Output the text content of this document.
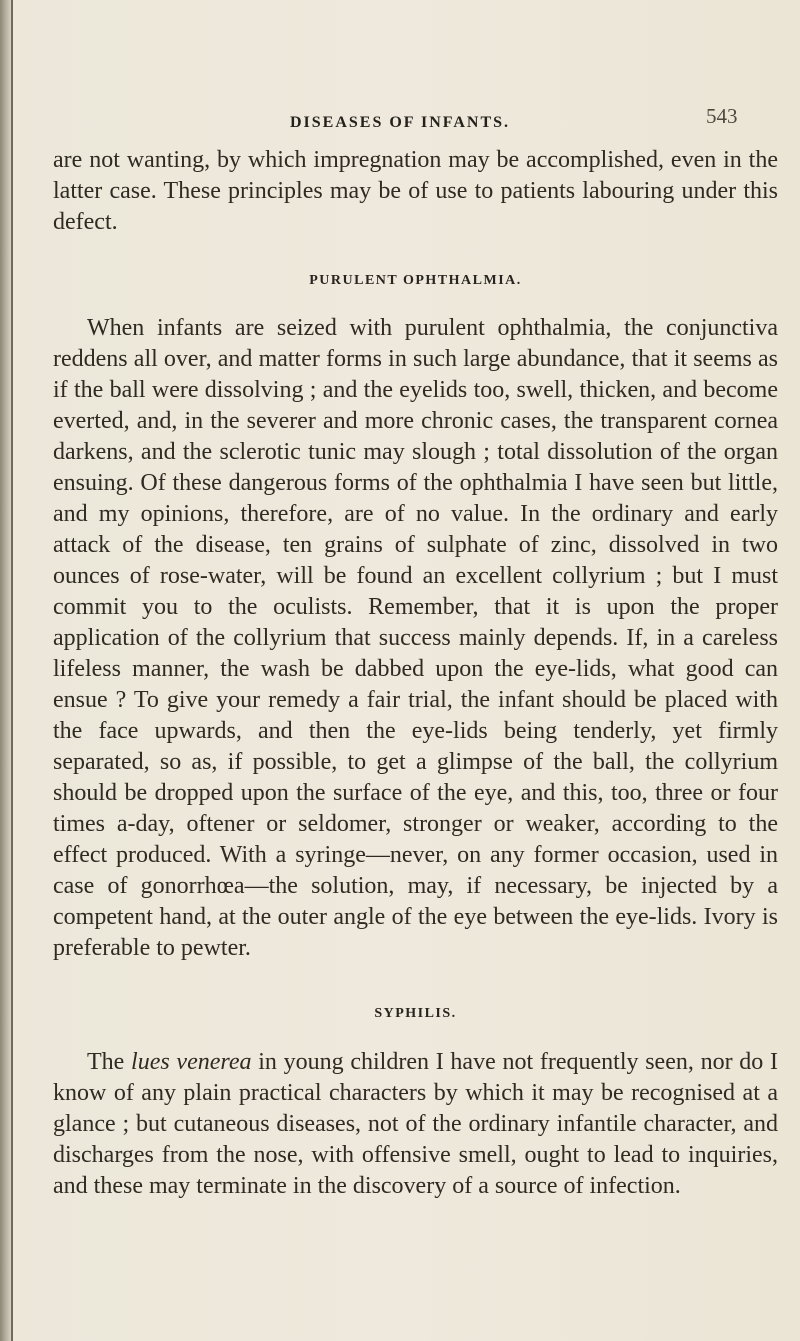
DISEASES OF INFANTS.	543

are not wanting, by which impregnation may be accomplished, even in the latter case. These principles may be of use to patients labouring under this defect.

PURULENT OPHTHALMIA.

When infants are seized with purulent ophthalmia, the conjunctiva reddens all over, and matter forms in such large abundance, that it seems as if the ball were dissolving ; and the eyelids too, swell, thicken, and become everted, and, in the severer and more chronic cases, the transparent cornea darkens, and the sclerotic tunic may slough ; total dissolution of the organ ensuing. Of these dangerous forms of the ophthalmia I have seen but little, and my opinions, therefore, are of no value. In the ordinary and early attack of the disease, ten grains of sulphate of zinc, dissolved in two ounces of rose-water, will be found an excellent collyrium ; but I must commit you to the oculists. Remember, that it is upon the proper application of the collyrium that success mainly depends. If, in a careless lifeless manner, the wash be dabbed upon the eye-lids, what good can ensue ? To give your remedy a fair trial, the infant should be placed with the face upwards, and then the eye-lids being tenderly, yet firmly separated, so as, if possible, to get a glimpse of the ball, the collyrium should be dropped upon the surface of the eye, and this, too, three or four times a-day, oftener or seldomer, stronger or weaker, according to the effect produced. With a syringe—never, on any former occasion, used in case of gonorrhœa—the solution, may, if necessary, be injected by a competent hand, at the outer angle of the eye between the eye-lids. Ivory is preferable to pewter.

SYPHILIS.

The lues venerea in young children I have not frequently seen, nor do I know of any plain practical characters by which it may be recognised at a glance ; but cutaneous diseases, not of the ordinary infantile character, and discharges from the nose, with offensive smell, ought to lead to inquiries, and these may terminate in the discovery of a source of infection.
